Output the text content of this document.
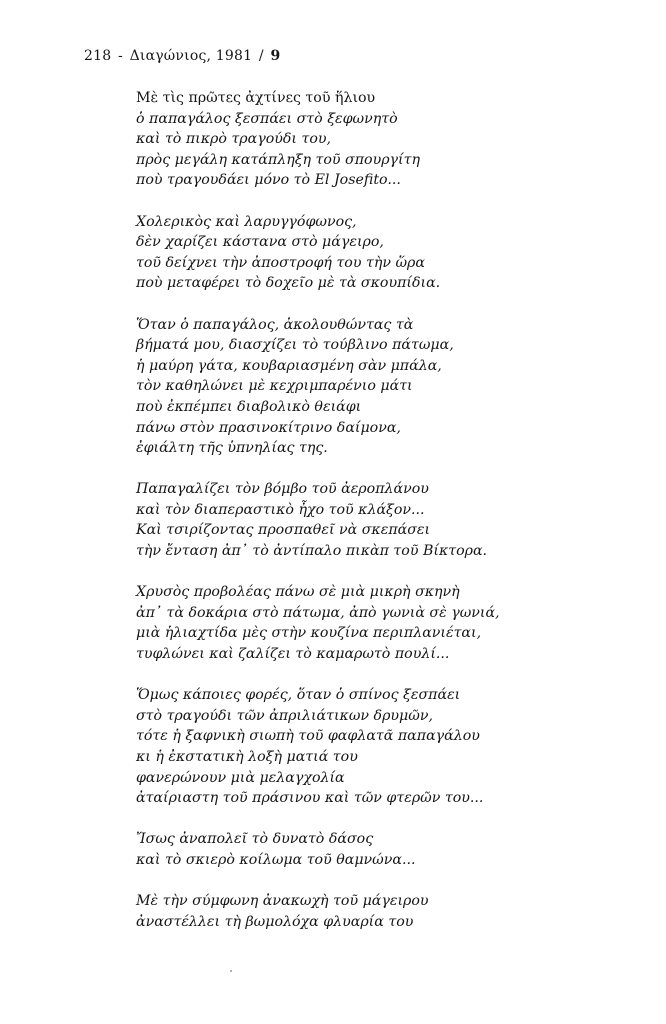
218 - Διαγώνιος, 1981 / 9
Μὲ τὶς πρῶτες ἀχτίνες τοῦ ἥλιου
ὁ παπαγάλος ξεσπάει στὸ ξεφωνητὸ
καὶ τὸ πικρὸ τραγούδι του,
πρὸς μεγάλη κατάπληξη τοῦ σπουργίτη
ποὺ τραγουδάει μόνο τὸ El Josefito...
Χολερικὸς καὶ λαρυγγόφωνος,
δὲν χαρίζει κάστανα στὸ μάγειρο,
τοῦ δείχνει τὴν ἀποστροφή του τὴν ὥρα
ποὺ μεταφέρει τὸ δοχεῖο μὲ τὰ σκουπίδια.
Ὅταν ὁ παπαγάλος, ἀκολουθώντας τὰ
βήματά μου, διασχίζει τὸ τούβλινο πάτωμα,
ἡ μαύρη γάτα, κουβαριασμένη σὰν μπάλα,
τὸν καθηλώνει μὲ κεχριμπαρένιο μάτι
ποὺ ἐκπέμπει διαβολικὸ θειάφι
πάνω στὸν πρασινοκίτρινο δαίμονα,
ἐφιάλτη τῆς ὑπνηλίας της.
Παπαγαλίζει τὸν βόμβο τοῦ ἀεροπλάνου
καὶ τὸν διαπεραστικὸ ἦχο τοῦ κλάξον...
Καὶ τσιρίζοντας προσπαθεῖ νὰ σκεπάσει
τὴν ἔνταση ἀπ᾿ τὸ ἀντίπαλο πικὰπ τοῦ Βίκτορα.
Χρυσὸς προβολέας πάνω σὲ μιὰ μικρὴ σκηνὴ
ἀπ᾿ τὰ δοκάρια στὸ πάτωμα, ἀπὸ γωνιὰ σὲ γωνιά,
μιὰ ἡλιαχτίδα μὲς στὴν κουζίνα περιπλανιέται,
τυφλώνει καὶ ζαλίζει τὸ καμαρωτὸ πουλί...
Ὅμως κάποιες φορές, ὅταν ὁ σπίνος ξεσπάει
στὸ τραγούδι τῶν ἀπριλιάτικων δρυμῶν,
τότε ἡ ξαφνικὴ σιωπὴ τοῦ φαφλατᾶ παπαγάλου
κι ἡ ἐκστατικὴ λοξὴ ματιά του
φανερώνουν μιὰ μελαγχολία
ἀταίριαστη τοῦ πράσινου καὶ τῶν φτερῶν του...
Ἴσως ἀναπολεῖ τὸ δυνατὸ δάσος
καὶ τὸ σκιερὸ κοίλωμα τοῦ θαμνώνα...
Μὲ τὴν σύμφωνη ἀνακωχὴ τοῦ μάγειρου
ἀναστέλλει τὴ βωμολόχα φλυαρία του
